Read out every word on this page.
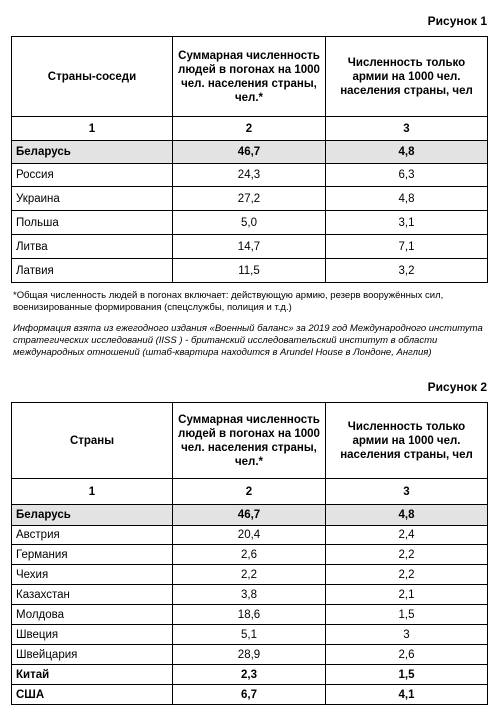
Рисунок 1
Страны-соседи	Суммарная численность людей в погонах на 1000 чел. населения страны, чел.*	Численность только армии на 1000 чел. населения страны, чел
1	2	3
Беларусь	46,7	4,8
Россия	24,3	6,3
Украина	27,2	4,8
Польша	5,0	3,1
Литва	14,7	7,1
Латвия	11,5	3,2
*Общая численность людей в погонах включает: действующую армию, резерв вооружённых сил, военизированные формирования (спецслужбы, полиция и т.д.)
Информация взята из ежегодного издания «Военный баланс» за 2019 год Международного института стратегических исследований (IISS ) - британский исследовательский институт в области международных отношений (штаб-квартира находится в Arundel House в Лондоне, Англия)
Рисунок 2
Страны	Суммарная численность людей в погонах на 1000 чел. населения страны, чел.*	Численность только армии на 1000 чел. населения страны, чел
1	2	3
Беларусь	46,7	4,8
Австрия	20,4	2,4
Германия	2,6	2,2
Чехия	2,2	2,2
Казахстан	3,8	2,1
Молдова	18,6	1,5
Швеция	5,1	3
Швейцария	28,9	2,6
Китай	2,3	1,5
США	6,7	4,1
